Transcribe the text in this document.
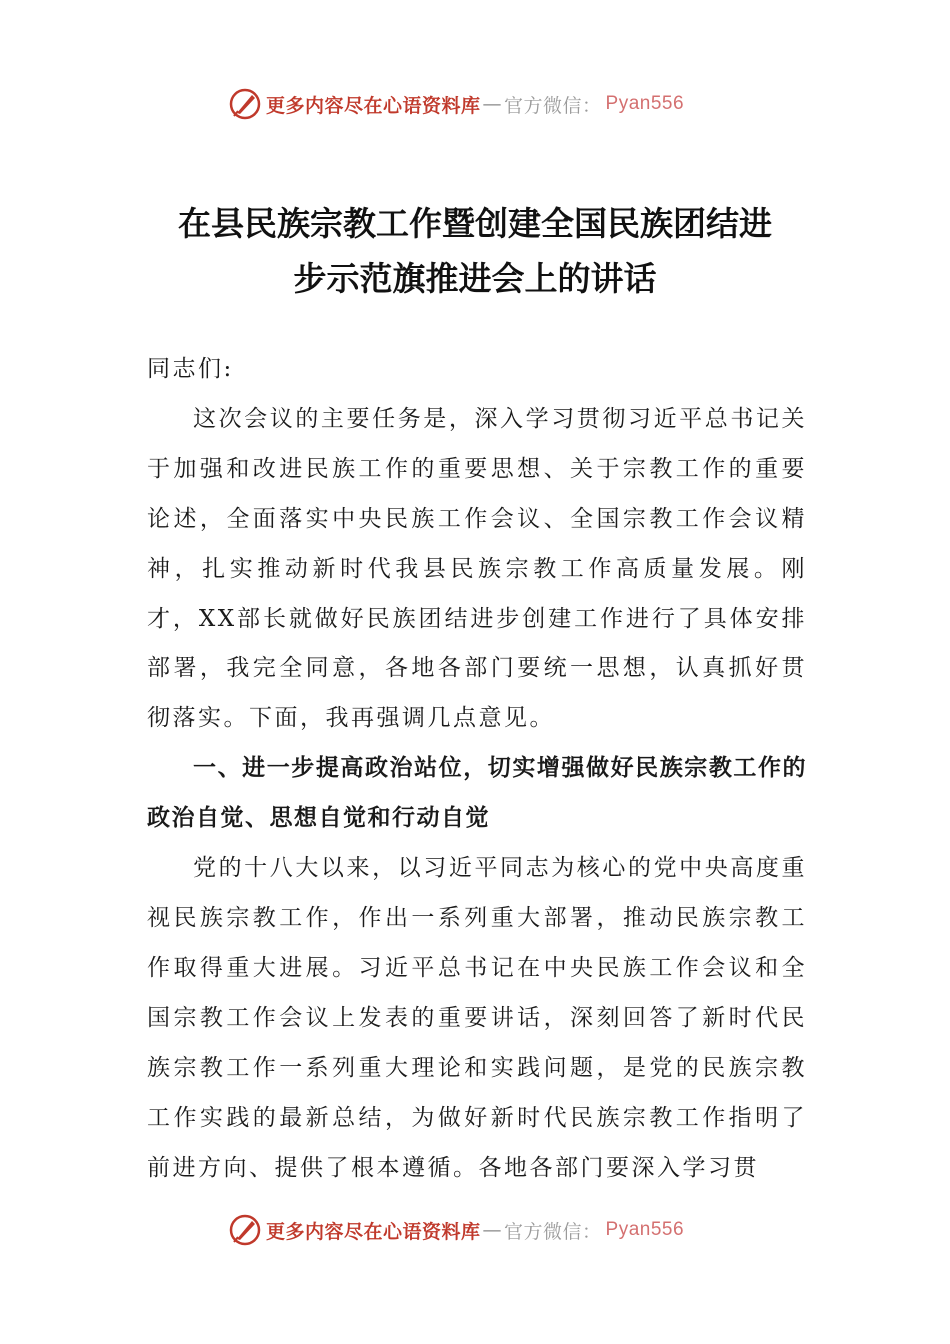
更多内容尽在心语资料库 — 官方微信： Pyan556
在县民族宗教工作暨创建全国民族团结进
步示范旗推进会上的讲话

同志们:

这次会议的主要任务是，深入学习贯彻习近平总书记关于加强和改进民族工作的重要思想、关于宗教工作的重要论述，全面落实中央民族工作会议、全国宗教工作会议精神，扎实推动新时代我县民族宗教工作高质量发展。刚才，XX部长就做好民族团结进步创建工作进行了具体安排部署，我完全同意，各地各部门要统一思想，认真抓好贯彻落实。下面，我再强调几点意见。

一、进一步提高政治站位，切实增强做好民族宗教工作的政治自觉、思想自觉和行动自觉

党的十八大以来，以习近平同志为核心的党中央高度重视民族宗教工作，作出一系列重大部署，推动民族宗教工作取得重大进展。习近平总书记在中央民族工作会议和全国宗教工作会议上发表的重要讲话，深刻回答了新时代民族宗教工作一系列重大理论和实践问题，是党的民族宗教工作实践的最新总结，为做好新时代民族宗教工作指明了前进方向、提供了根本遵循。各地各部门要深入学习贯

更多内容尽在心语资料库 — 官方微信： Pyan556
